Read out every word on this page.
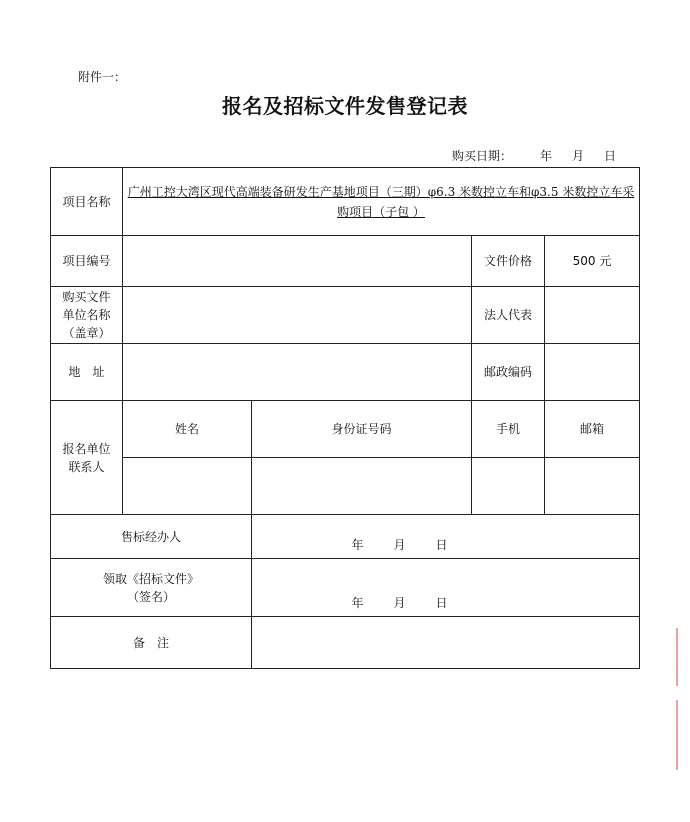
附件一：
报名及招标文件发售登记表
购买日期： 年 月 日
项目名称	广州工控大湾区现代高端装备研发生产基地项目（三期）φ6.3 米数控立车和φ3.5 米数控立车采购项目（子包 ）			
项目编号			文件价格	500 元

购买文件
单位名称
（盖章）			法人代表	
地　址			邮政编码	

报名单位
联系人	姓名	身份证号码	手机	邮箱

售标经办人		年 月 日		

领取《招标文件》
（签名）		年 月 日		
备　注				
